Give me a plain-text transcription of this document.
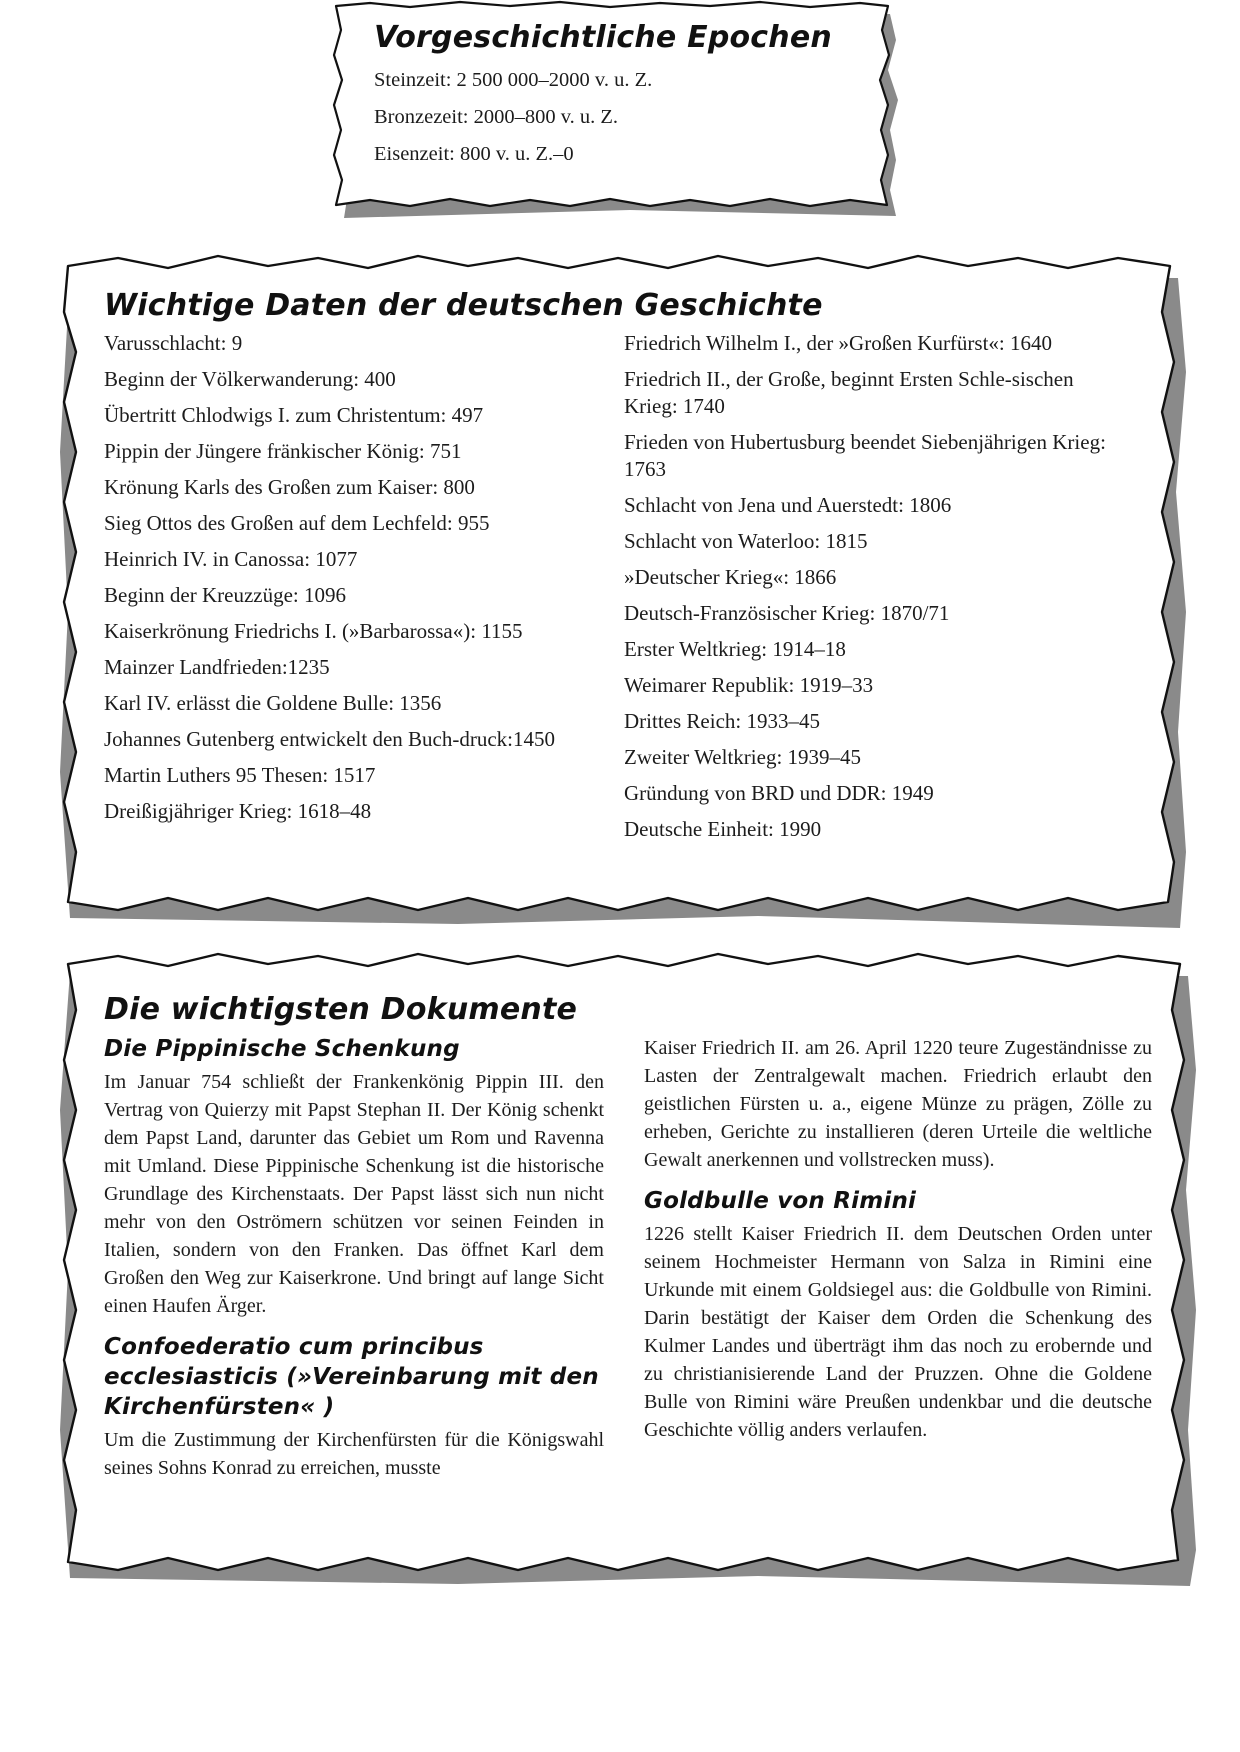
Vorgeschichtliche Epochen

Steinzeit: 2 500 000–2000 v. u. Z.

Bronzezeit: 2000–800 v. u. Z.

Eisenzeit: 800 v. u. Z.–0

Wichtige Daten der deutschen Geschichte
Varusschlacht: 9
Beginn der Völkerwanderung: 400
Übertritt Chlodwigs I. zum Christentum: 497
Pippin der Jüngere fränkischer König: 751
Krönung Karls des Großen zum Kaiser: 800
Sieg Ottos des Großen auf dem Lechfeld: 955
Heinrich IV. in Canossa: 1077
Beginn der Kreuzzüge: 1096
Kaiserkrönung Friedrichs I. (»Barbarossa«): 1155
Mainzer Landfrieden:1235
Karl IV. erlässt die Goldene Bulle: 1356
Johannes Gutenberg entwickelt den Buch-druck:1450
Martin Luthers 95 Thesen: 1517
Dreißigjähriger Krieg: 1618–48
Friedrich Wilhelm I., der »Großen Kurfürst«: 1640
Friedrich II., der Große, beginnt Ersten Schle-sischen Krieg: 1740
Frieden von Hubertusburg beendet Siebenjährigen Krieg: 1763
Schlacht von Jena und Auerstedt: 1806
Schlacht von Waterloo: 1815
»Deutscher Krieg«: 1866
Deutsch-Französischer Krieg: 1870/71
Erster Weltkrieg: 1914–18
Weimarer Republik: 1919–33
Drittes Reich: 1933–45
Zweiter Weltkrieg: 1939–45
Gründung von BRD und DDR: 1949
Deutsche Einheit: 1990
Die wichtigsten Dokumente
Die Pippinische Schenkung

Im Januar 754 schließt der Frankenkönig Pippin III. den Vertrag von Quierzy mit Papst Stephan II. Der König schenkt dem Papst Land, darunter das Gebiet um Rom und Ravenna mit Umland. Diese Pippinische Schenkung ist die historische Grundlage des Kirchenstaats. Der Papst lässt sich nun nicht mehr von den Oströmern schützen vor seinen Feinden in Italien, sondern von den Franken. Das öffnet Karl dem Großen den Weg zur Kaiserkrone. Und bringt auf lange Sicht einen Haufen Ärger.

Confoederatio cum princibus ecclesiasticis (»Vereinbarung mit den Kirchenfürsten« )

Um die Zustimmung der Kirchenfürsten für die Königswahl seines Sohns Konrad zu erreichen, musste

Kaiser Friedrich II. am 26. April 1220 teure Zugeständnisse zu Lasten der Zentralgewalt machen. Friedrich erlaubt den geistlichen Fürsten u. a., eigene Münze zu prägen, Zölle zu erheben, Gerichte zu installieren (deren Urteile die weltliche Gewalt anerkennen und vollstrecken muss).

Goldbulle von Rimini

1226 stellt Kaiser Friedrich II. dem Deutschen Orden unter seinem Hochmeister Hermann von Salza in Rimini eine Urkunde mit einem Goldsiegel aus: die Goldbulle von Rimini. Darin bestätigt der Kaiser dem Orden die Schenkung des Kulmer Landes und überträgt ihm das noch zu erobernde und zu christianisierende Land der Pruzzen. Ohne die Goldene Bulle von Rimini wäre Preußen undenkbar und die deutsche Geschichte völlig anders verlaufen.
